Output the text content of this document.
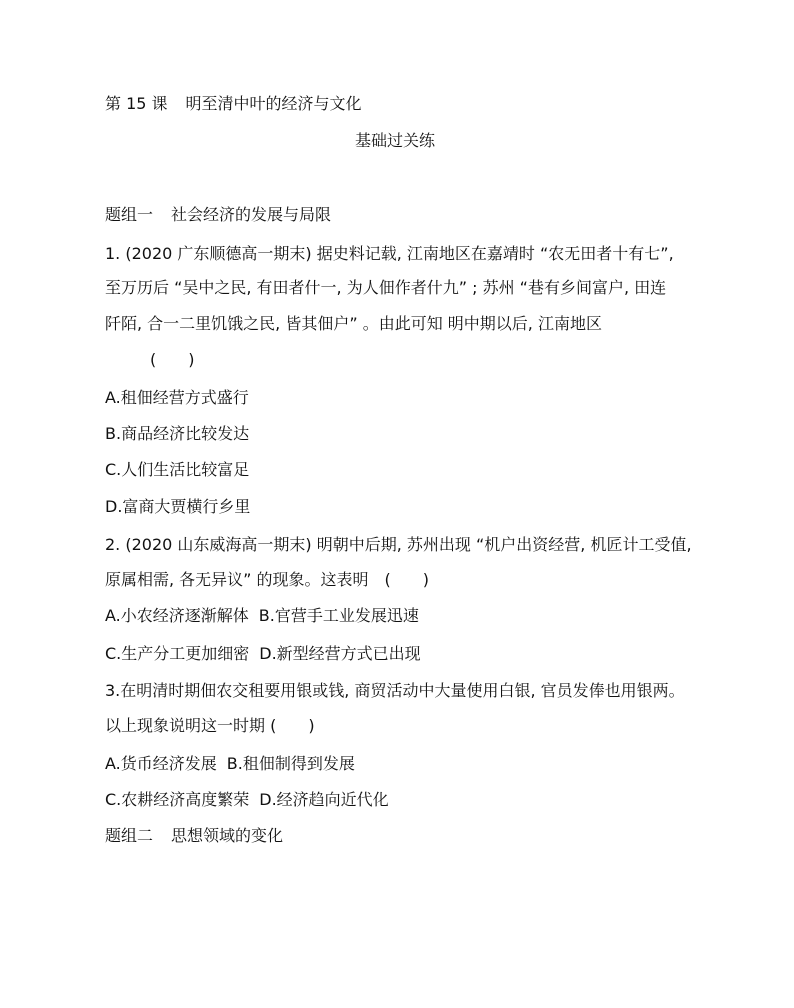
第 15 课 明至清中叶的经济与文化
基础过关练
题组一 社会经济的发展与局限
1. (2020 广东顺德高一期末) 据史料记载, 江南地区在嘉靖时 “农无田者十有七”,
至万历后 “吴中之民, 有田者什一, 为人佃作者什九” ; 苏州 “巷有乡间富户, 田连
阡陌, 合一二里饥饿之民, 皆其佃户” 。由此可知 明中期以后, 江南地区
(　　)
A.租佃经营方式盛行
B.商品经济比较发达
C.人们生活比较富足
D.富商大贾横行乡里
2. (2020 山东威海高一期末) 明朝中后期, 苏州出现 “机户出资经营, 机匠计工受值,
原属相需, 各无异议” 的现象。这表明　(　　)
A.小农经济逐渐解体 B.官营手工业发展迅速
C.生产分工更加细密 D.新型经营方式已出现
3.在明清时期佃农交租要用银或钱, 商贸活动中大量使用白银, 官员发俸也用银两。
以上现象说明这一时期 (　　)
A.货币经济发展 B.租佃制得到发展
C.农耕经济高度繁荣 D.经济趋向近代化
题组二 思想领域的变化
